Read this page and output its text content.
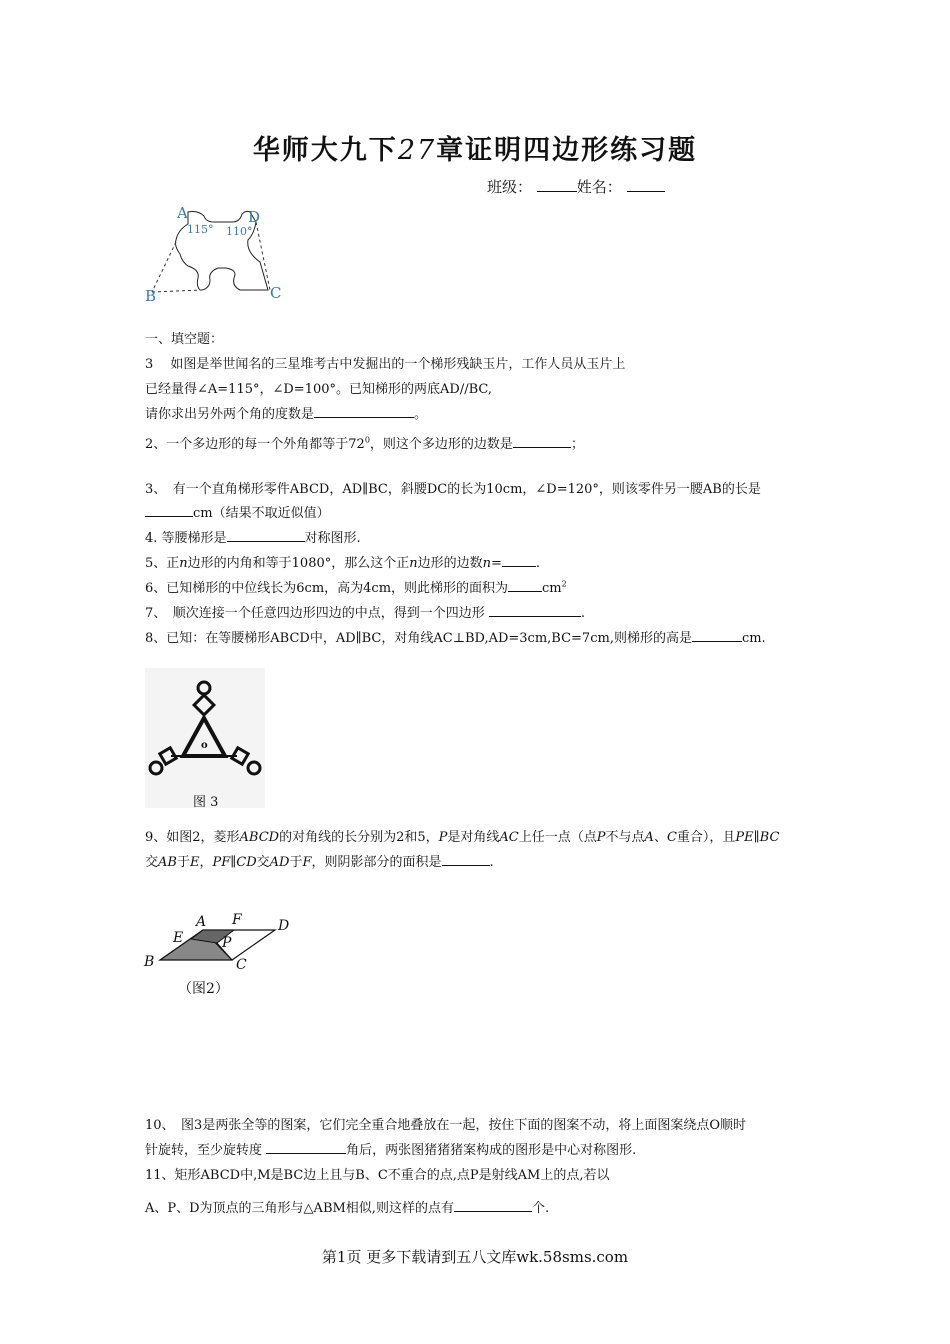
华师大九下27章证明四边形练习题
班级：	姓名：
A	D
B	C
115° 110°
一、填空题：
3　 如图是举世闻名的三星堆考古中发掘出的一个梯形残缺玉片，工作人员从玉片上
已经量得∠A=115°，∠D=100°。已知梯形的两底AD//BC,
请你求出另外两个角的度数是	。
2、一个多边形的每一个外角都等于$72^0$，则这个多边形的边数是	；
3、　有一个直角梯形零件ABCD，AD∥BC，斜腰DC的长为10cm，∠D=120°，则该零件另一腰AB的长是
cm（结果不取近似值）
4. 等腰梯形是	对称图形.
5、正n边形的内角和等于1080°，那么这个正n边形的边数n=	.
6、已知梯形的中位线长为6cm，高为4cm，则此梯形的面积为	$cm^2$
7、　顺次连接一个任意四边形四边的中点，得到一个四边形	.
8、已知：在等腰梯形ABCD中，AD∥BC，对角线AC⊥BD,AD=3cm,BC=7cm,则梯形的高是	cm.
o
图 3
9、如图2，菱形ABCD的对角线的长分别为2和5，P是对角线AC上任一点（点P不与点A、C重合），且PE∥BC
交AB于E，PF∥CD交AD于F，则阴影部分的面积是	.
A F	D
E	P
B	C
（图2）
10、　图3是两张全等的图案，它们完全重合地叠放在一起，按住下面的图案不动，将上面图案绕点O顺时
针旋转，至少旋转度	角后，两张图猪猪猪案构成的图形是中心对称图形.
11、矩形ABCD中,M是BC边上且与B、C不重合的点,点P是射线AM上的点,若以
A、P、D为顶点的三角形与△ABM相似,则这样的点有	个.
第1页 更多下载请到五八文库wk.58sms.com
